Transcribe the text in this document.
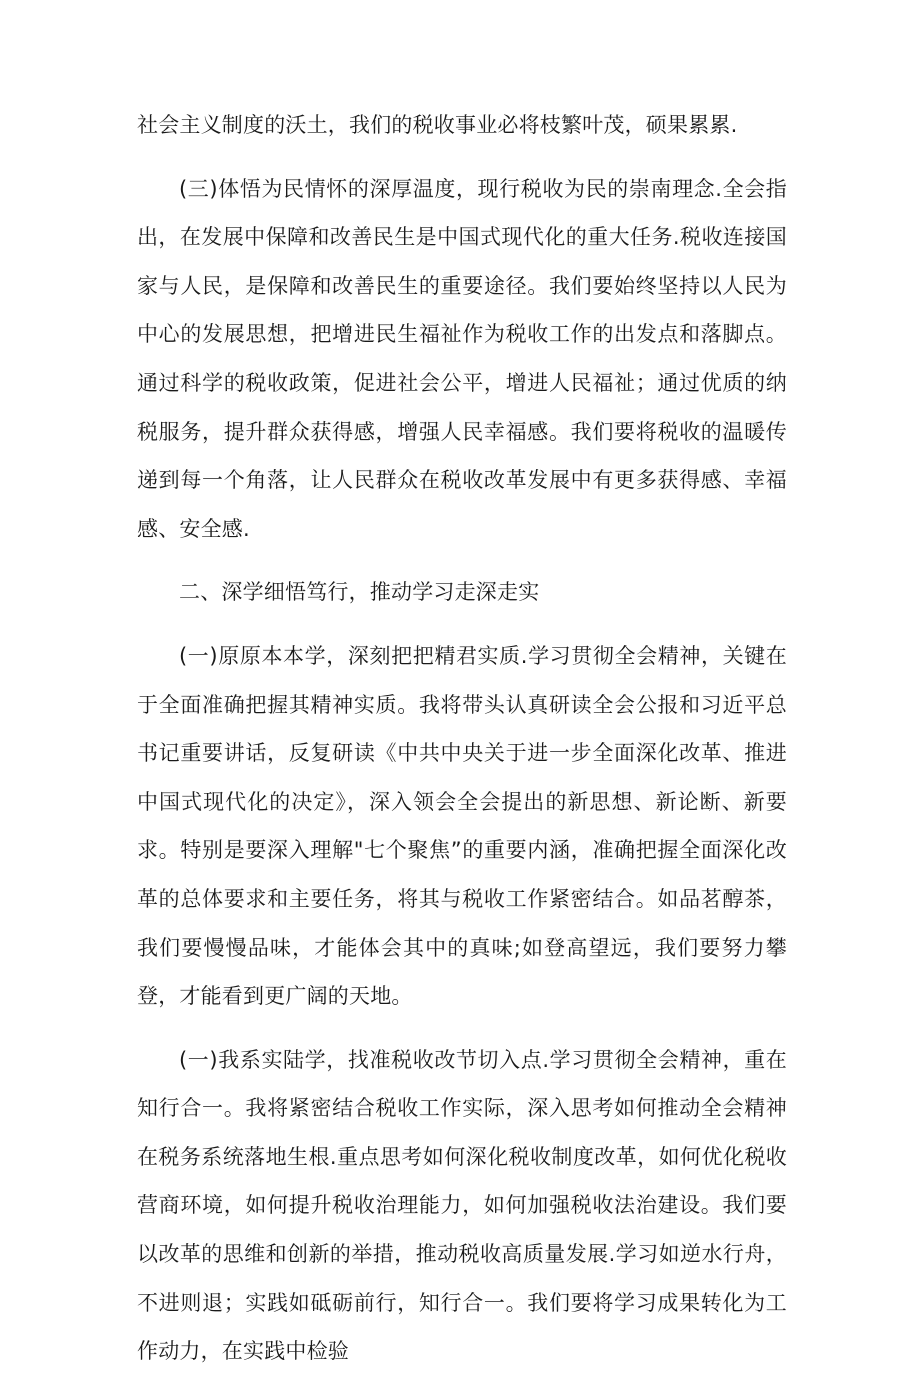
社会主义制度的沃土，我们的税收事业必将枝繁叶茂，硕果累累.

(三)体悟为民情怀的深厚温度，现行税收为民的崇南理念.全会指出，在发展中保障和改善民生是中国式现代化的重大任务.税收连接国家与人民，是保障和改善民生的重要途径。我们要始终坚持以人民为中心的发展思想，把增进民生福祉作为税收工作的出发点和落脚点。通过科学的税收政策，促进社会公平，增进人民福祉；通过优质的纳税服务，提升群众获得感，增强人民幸福感。我们要将税收的温暖传递到每一个角落，让人民群众在税收改革发展中有更多获得感、幸福感、安全感.

二、深学细悟笃行，推动学习走深走实

(一)原原本本学，深刻把把精君实质.学习贯彻全会精神，关键在于全面准确把握其精神实质。我将带头认真研读全会公报和习近平总书记重要讲话，反复研读《中共中央关于进一步全面深化改革、推进中国式现代化的决定》，深入领会全会提出的新思想、新论断、新要求。特别是要深入理解"七个聚焦”的重要内涵，准确把握全面深化改革的总体要求和主要任务，将其与税收工作紧密结合。如品茗醇茶，我们要慢慢品味，才能体会其中的真味;如登高望远，我们要努力攀登，才能看到更广阔的天地。

(一)我系实陆学，找准税收改节切入点.学习贯彻全会精神，重在知行合一。我将紧密结合税收工作实际，深入思考如何推动全会精神在税务系统落地生根.重点思考如何深化税收制度改革，如何优化税收营商环境，如何提升税收治理能力，如何加强税收法治建设。我们要以改革的思维和创新的举措，推动税收高质量发展.学习如逆水行舟，不进则退；实践如砥砺前行，知行合一。我们要将学习成果转化为工作动力，在实践中检验
